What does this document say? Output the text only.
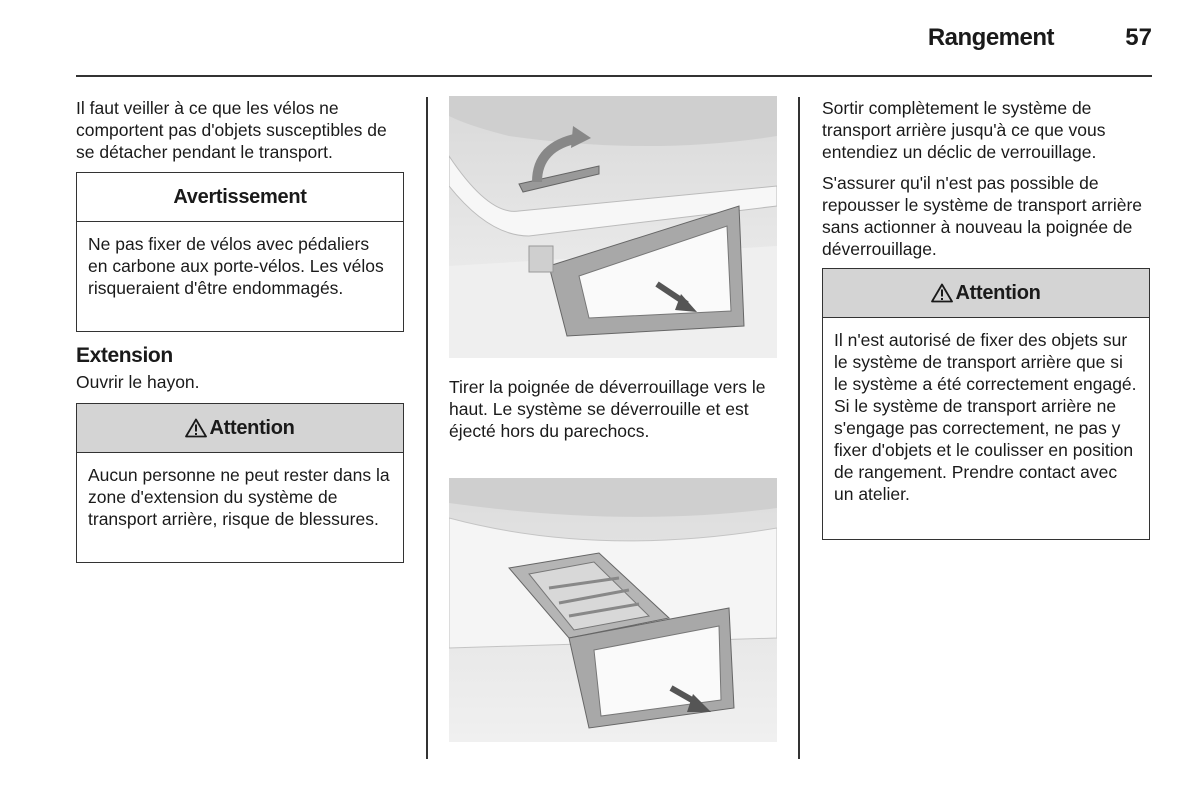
Rangement	57

Il faut veiller à ce que les vélos ne comportent pas d'objets susceptibles de se détacher pendant le transport.

Avertissement
Ne pas fixer de vélos avec pédaliers en carbone aux porte-vélos. Les vélos risqueraient d'être endommagés.
Extension

Ouvrir le hayon.

Attention
Aucun personne ne peut rester dans la zone d'extension du système de transport arrière, risque de blessures.

Tirer la poignée de déverrouillage vers le haut. Le système se déverrouille et est éjecté hors du parechocs.

Sortir complètement le système de transport arrière jusqu'à ce que vous entendiez un déclic de verrouillage.

S'assurer qu'il n'est pas possible de repousser le système de transport arrière sans actionner à nouveau la poignée de déverrouillage.

Attention
Il n'est autorisé de fixer des objets sur le système de transport arrière que si le système a été correctement engagé. Si le système de transport arrière ne s'engage pas correctement, ne pas y fixer d'objets et le coulisser en position de rangement. Prendre contact avec un atelier.
